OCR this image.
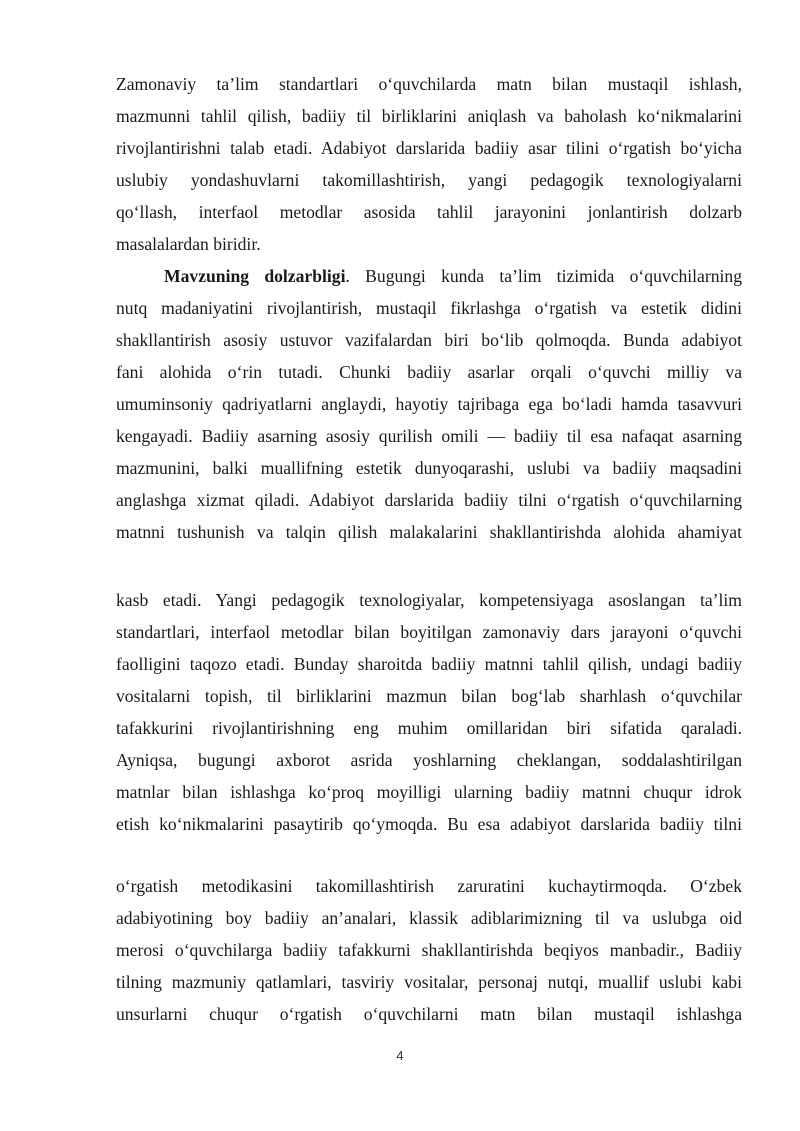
Zamonaviy ta’lim standartlari o‘quvchilarda matn bilan mustaqil ishlash,
mazmunni tahlil qilish, badiiy til birliklarini aniqlash va baholash ko‘nikmalarini
rivojlantirishni talab etadi. Adabiyot darslarida badiiy asar tilini o‘rgatish bo‘yicha
uslubiy yondashuvlarni takomillashtirish, yangi pedagogik texnologiyalarni
qo‘llash, interfaol metodlar asosida tahlil jarayonini jonlantirish dolzarb
masalalardan biridir.
Mavzuning dolzarbligi. Bugungi kunda ta’lim tizimida o‘quvchilarning
nutq madaniyatini rivojlantirish, mustaqil fikrlashga o‘rgatish va estetik didini
shakllantirish asosiy ustuvor vazifalardan biri bo‘lib qolmoqda. Bunda adabiyot
fani alohida o‘rin tutadi. Chunki badiiy asarlar orqali o‘quvchi milliy va
umuminsoniy qadriyatlarni anglaydi, hayotiy tajribaga ega bo‘ladi hamda tasavvuri
kengayadi. Badiiy asarning asosiy qurilish omili — badiiy til esa nafaqat asarning
mazmunini, balki muallifning estetik dunyoqarashi, uslubi va badiiy maqsadini
anglashga xizmat qiladi. Adabiyot darslarida badiiy tilni o‘rgatish o‘quvchilarning
matnni tushunish va talqin qilish malakalarini shakllantirishda alohida ahamiyat
kasb etadi. Yangi pedagogik texnologiyalar, kompetensiyaga asoslangan ta’lim
standartlari, interfaol metodlar bilan boyitilgan zamonaviy dars jarayoni o‘quvchi
faolligini taqozo etadi. Bunday sharoitda badiiy matnni tahlil qilish, undagi badiiy
vositalarni topish, til birliklarini mazmun bilan bog‘lab sharhlash o‘quvchilar
tafakkurini rivojlantirishning eng muhim omillaridan biri sifatida qaraladi.
Ayniqsa, bugungi axborot asrida yoshlarning cheklangan, soddalashtirilgan
matnlar bilan ishlashga ko‘proq moyilligi ularning badiiy matnni chuqur idrok
etish ko‘nikmalarini pasaytirib qo‘ymoqda. Bu esa adabiyot darslarida badiiy tilni
o‘rgatish metodikasini takomillashtirish zaruratini kuchaytirmoqda. O‘zbek
adabiyotining boy badiiy an’analari, klassik adiblarimizning til va uslubga oid
merosi o‘quvchilarga badiiy tafakkurni shakllantirishda beqiyos manbadir., Badiiy
tilning mazmuniy qatlamlari, tasviriy vositalar, personaj nutqi, muallif uslubi kabi
unsurlarni chuqur o‘rgatish o‘quvchilarni matn bilan mustaqil ishlashga
4
